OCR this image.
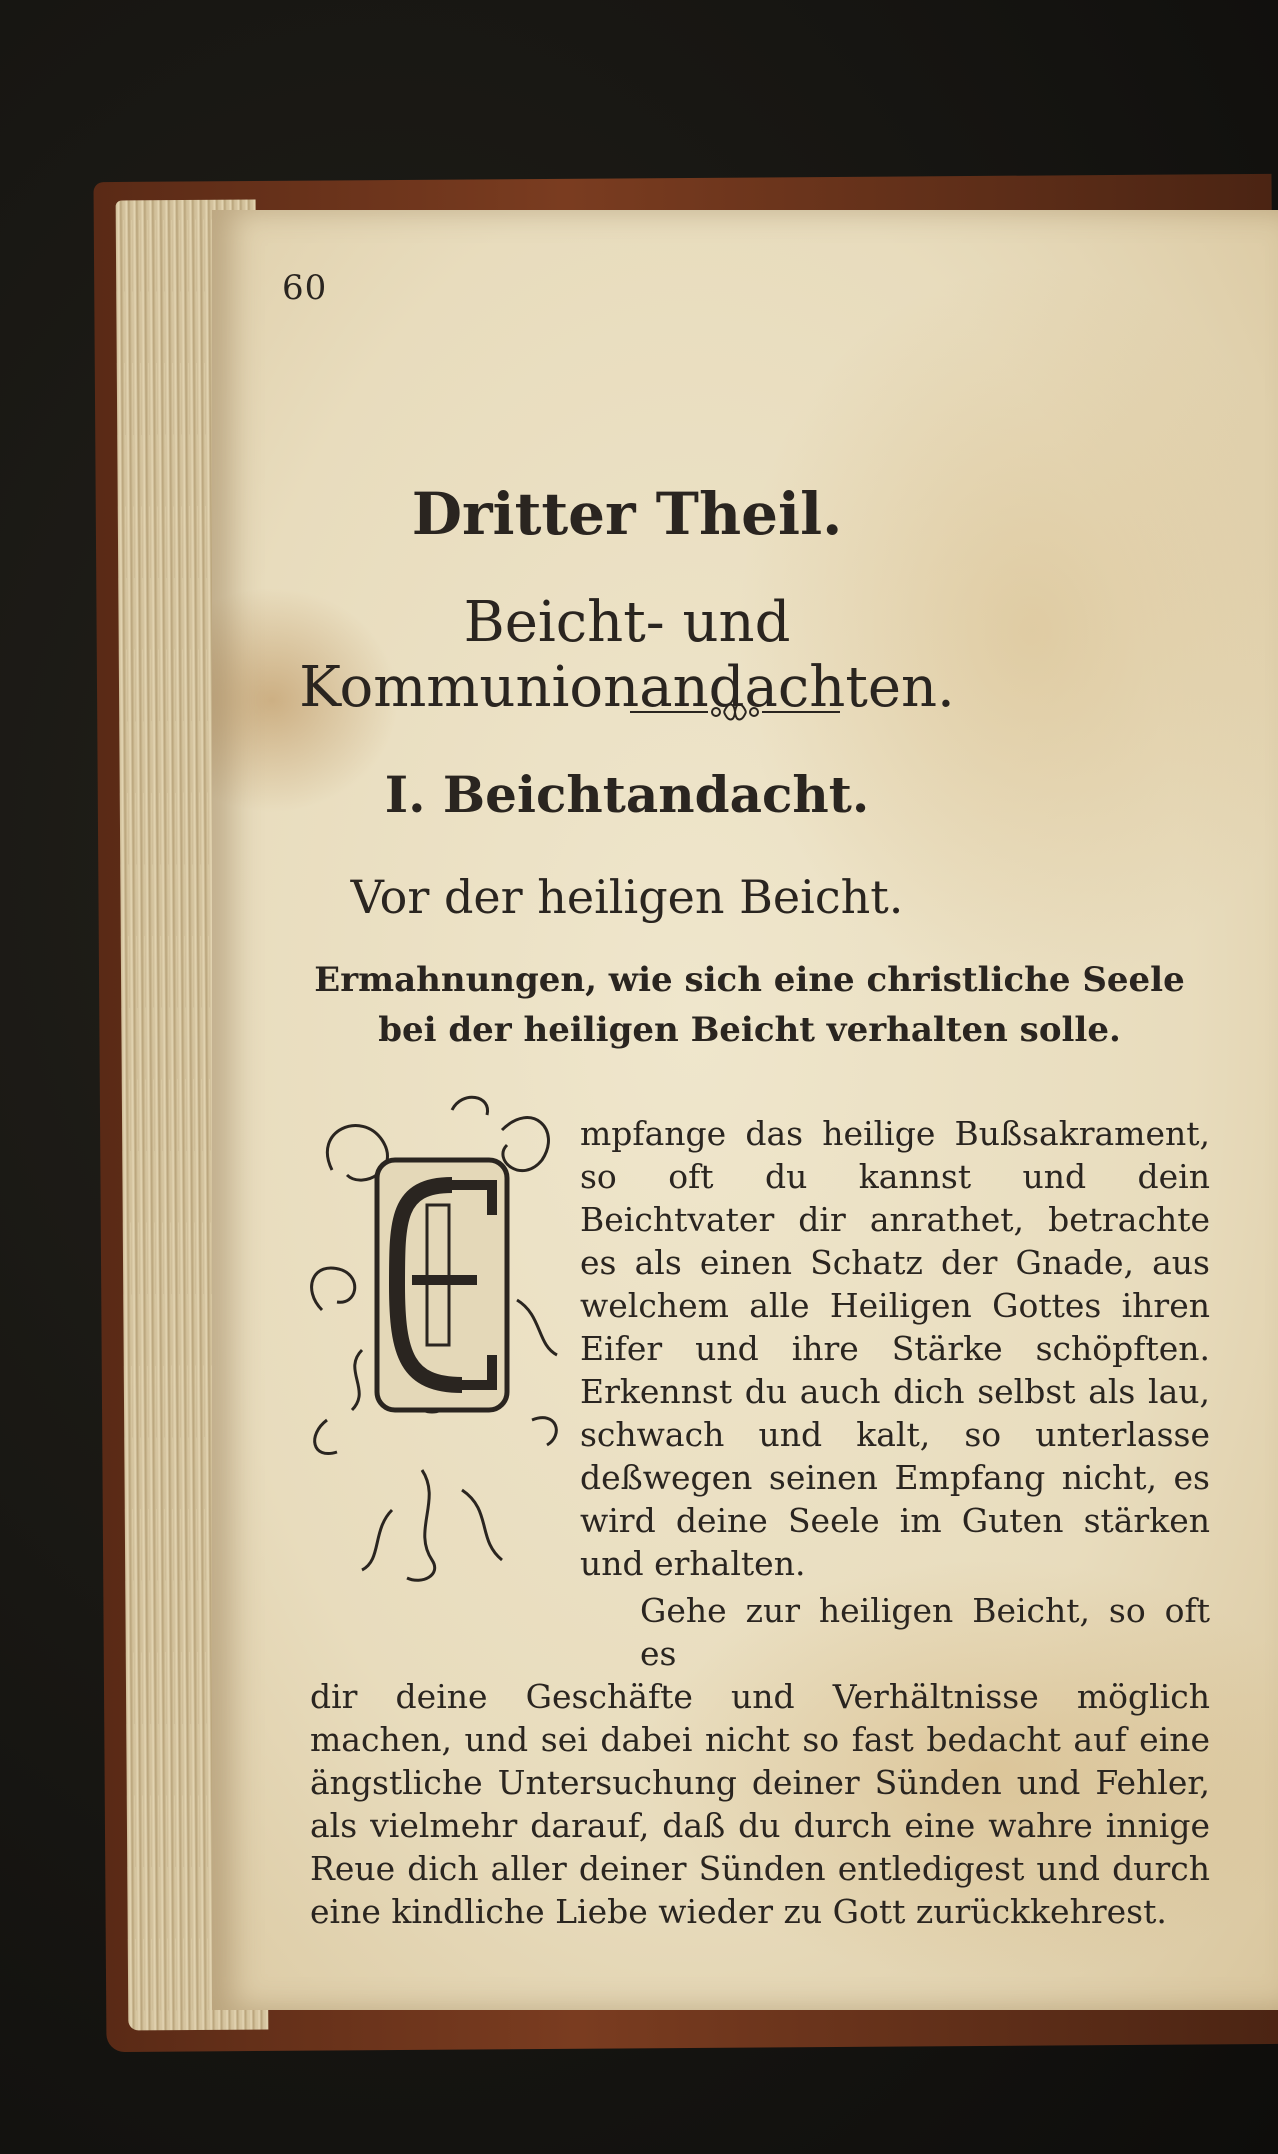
60
Dritter Theil.
Beicht- und Kommunionandachten.
I. Beichtandacht.
Vor der heiligen Beicht.
Ermahnungen, wie sich eine christliche Seele bei der heiligen Beicht verhalten solle.
mpfange das heilige Bußsakrament, so oft du kannst und dein Beichtvater dir anrathet, betrachte es als einen Schatz der Gnade, aus welchem alle Heiligen Gottes ihren Eifer und ihre Stärke schöpften. Erkennst du auch dich selbst als lau, schwach und kalt, so unterlasse deßwegen seinen Empfang nicht, es wird deine Seele im Guten stärken und erhalten.
Gehe zur heiligen Beicht, so oft es
dir deine Geschäfte und Verhältnisse möglich machen, und sei dabei nicht so fast bedacht auf eine ängstliche Untersuchung deiner Sünden und Fehler, als vielmehr darauf, daß du durch eine wahre innige Reue dich aller deiner Sünden entledigest und durch eine kindliche Liebe wieder zu Gott zurückkehrest.
